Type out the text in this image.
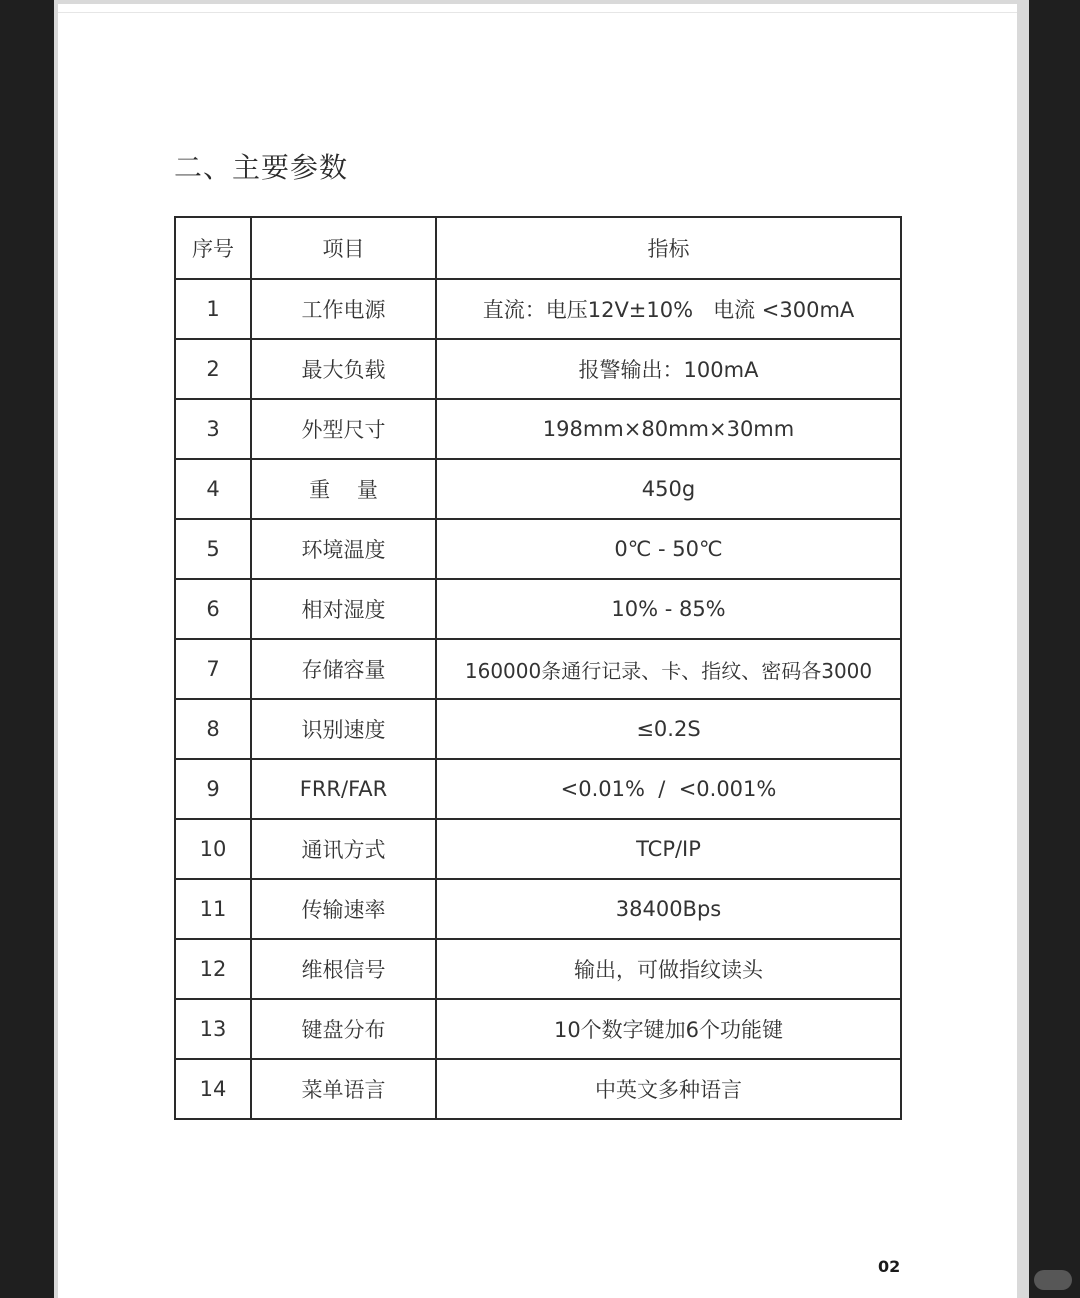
二、主要参数
序号	项目	指标
1	工作电源	直流：电压12V±10%   电流 <300mA
2	最大负载	报警输出：100mA
3	外型尺寸	198mm×80mm×30mm
4	重    量	450g
5	环境温度	0℃ - 50℃
6	相对湿度	10% - 85%
7	存储容量	160000条通行记录、卡、指纹、密码各3000
8	识别速度	≤0.2S
9	FRR/FAR	<0.01%  /  <0.001%
10	通讯方式	TCP/IP
11	传输速率	38400Bps
12	维根信号	输出，可做指纹读头
13	键盘分布	10个数字键加6个功能键
14	菜单语言	中英文多种语言
02
